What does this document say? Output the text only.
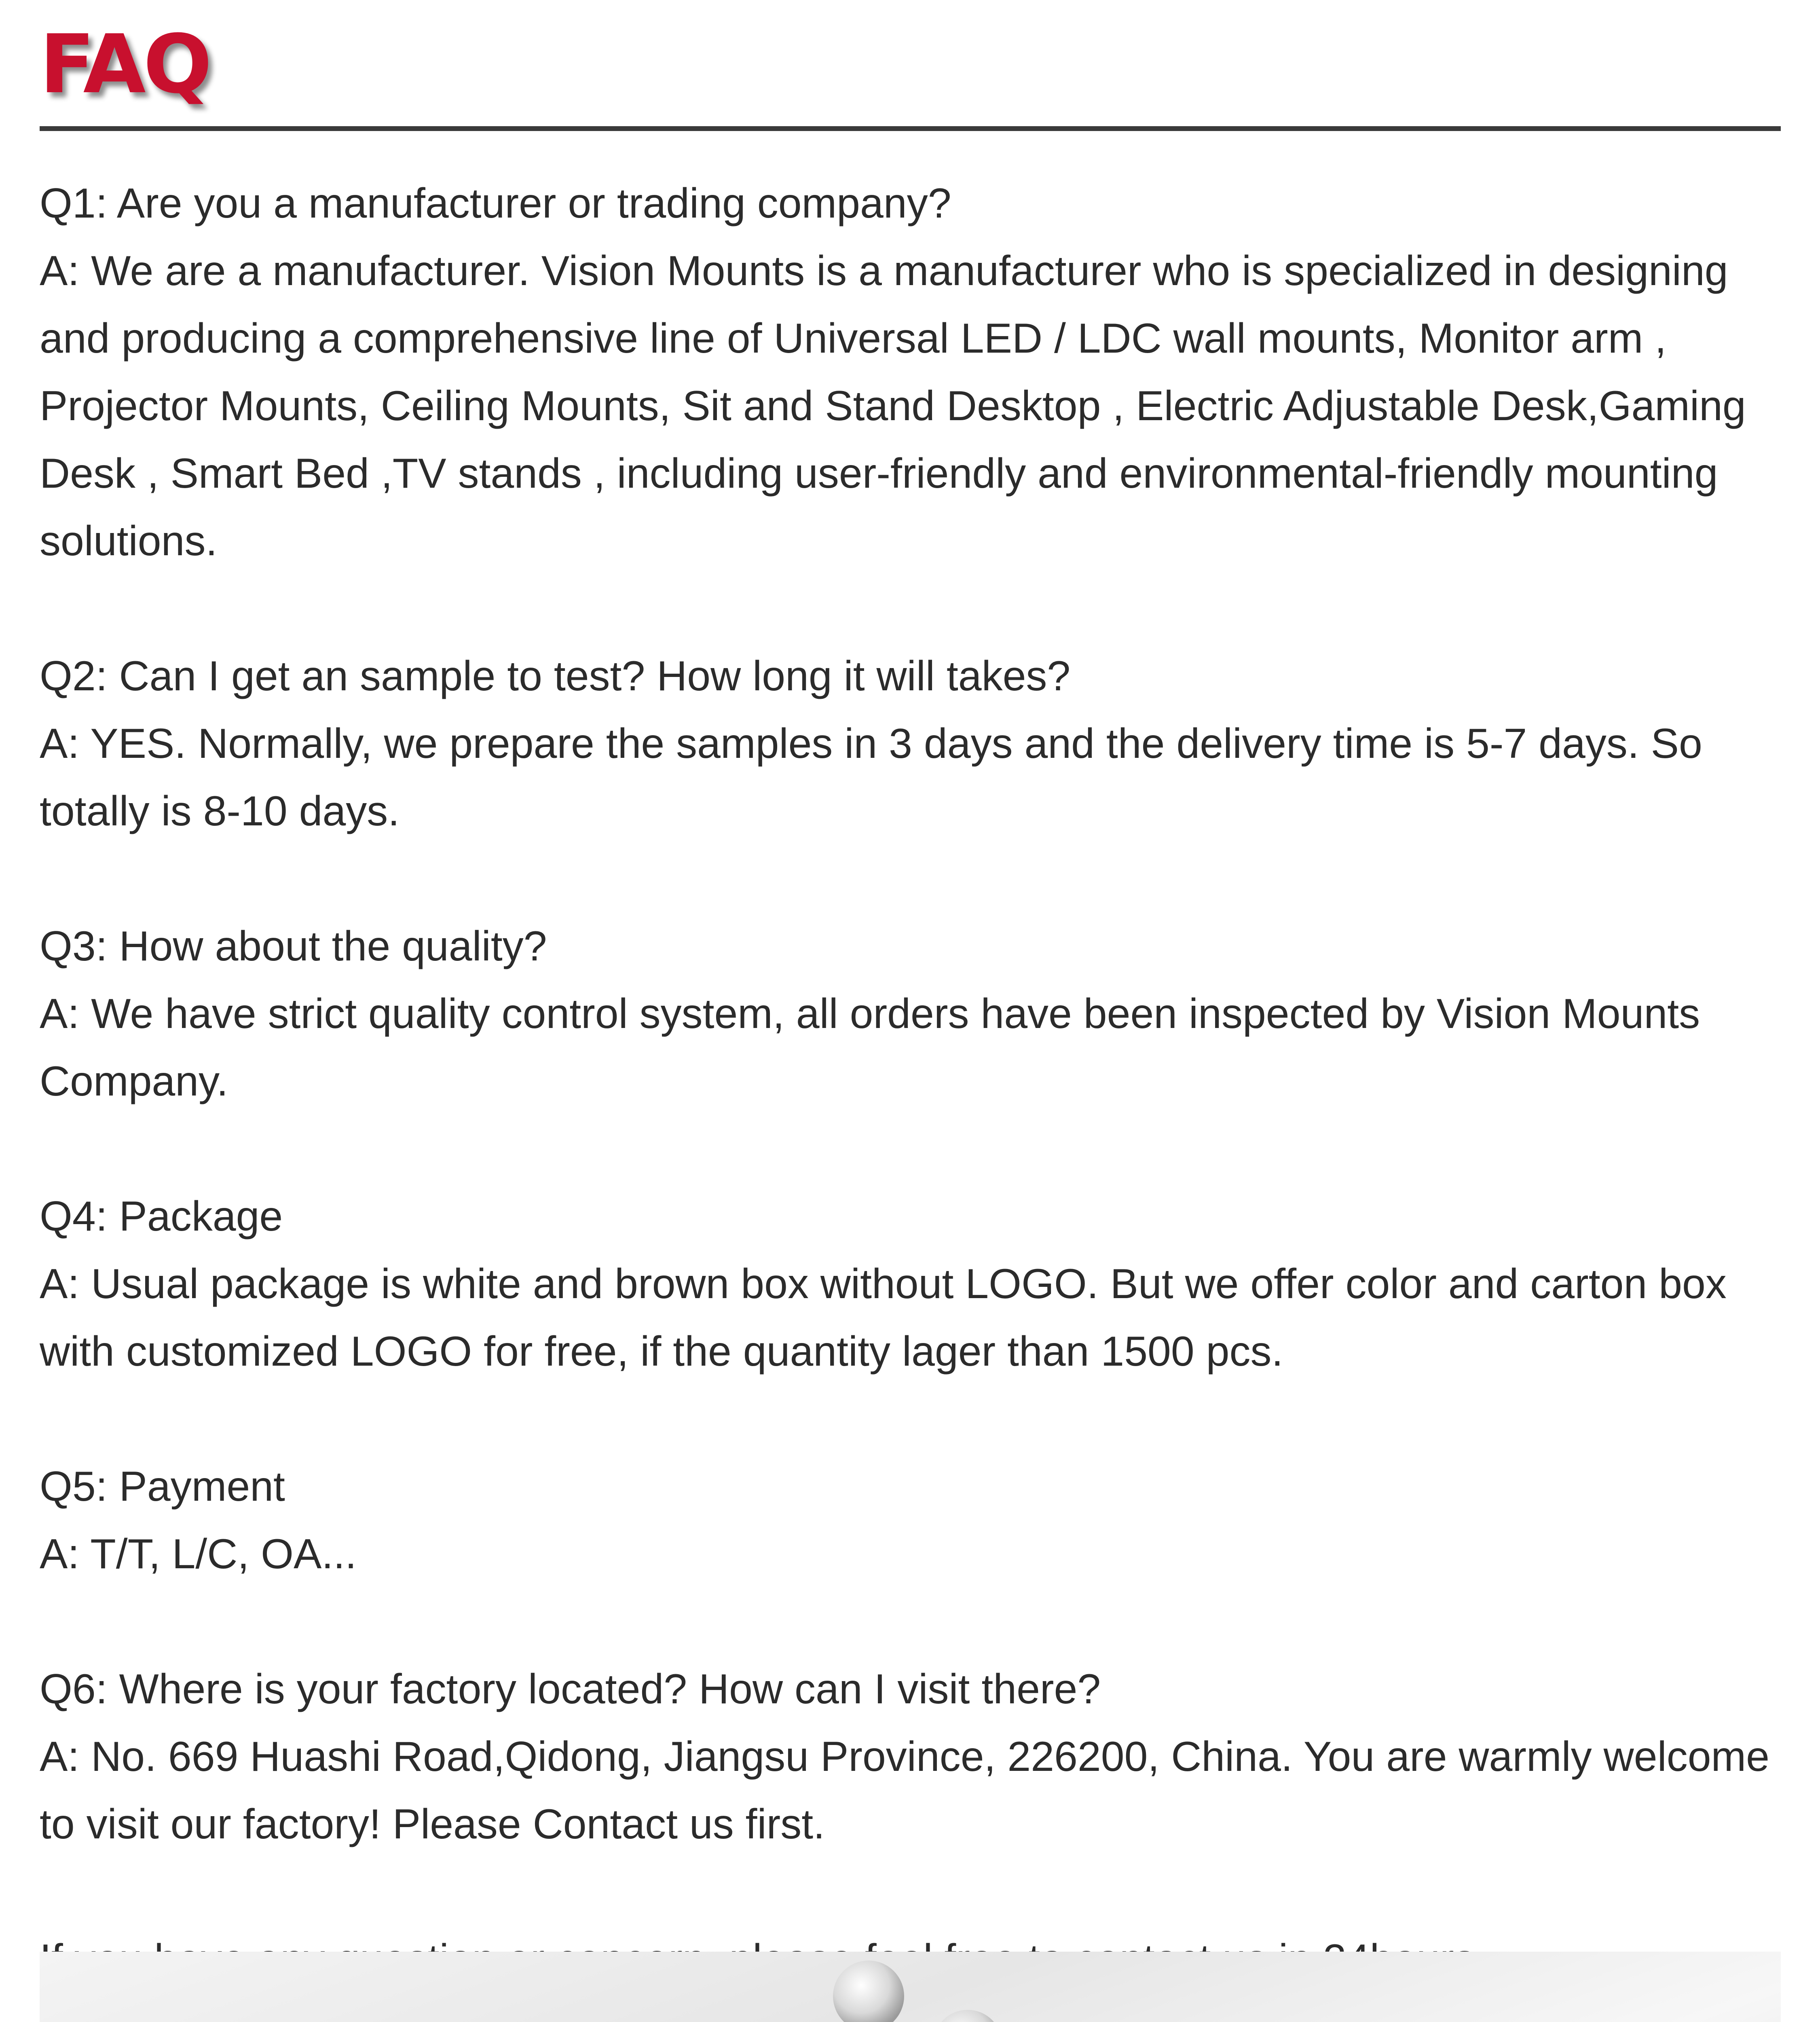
FAQ

Q1: Are you a manufacturer or trading company?

A: We are a manufacturer. Vision Mounts is a manufacturer who is specialized in designing and producing a comprehensive line of Universal LED / LDC wall mounts, Monitor arm , Projector Mounts, Ceiling Mounts, Sit and Stand Desktop , Electric Adjustable Desk,Gaming Desk , Smart Bed ,TV stands , including user-friendly and environmental-friendly mounting solutions.

Q2: Can I get an sample to test? How long it will takes?

A: YES. Normally, we prepare the samples in 3 days and the delivery time is 5-7 days. So totally is 8-10 days.

Q3: How about the quality?

A: We have strict quality control system, all orders have been inspected by Vision Mounts Company.

Q4: Package

A: Usual package is white and brown box without LOGO. But we offer color and carton box with customized LOGO for free, if the quantity lager than 1500 pcs.

Q5: Payment

A: T/T, L/C, OA...

Q6: Where is your factory located? How can I visit there?

A: No. 669 Huashi Road,Qidong, Jiangsu Province, 226200, China. You are warmly welcome to visit our factory! Please Contact us first.
